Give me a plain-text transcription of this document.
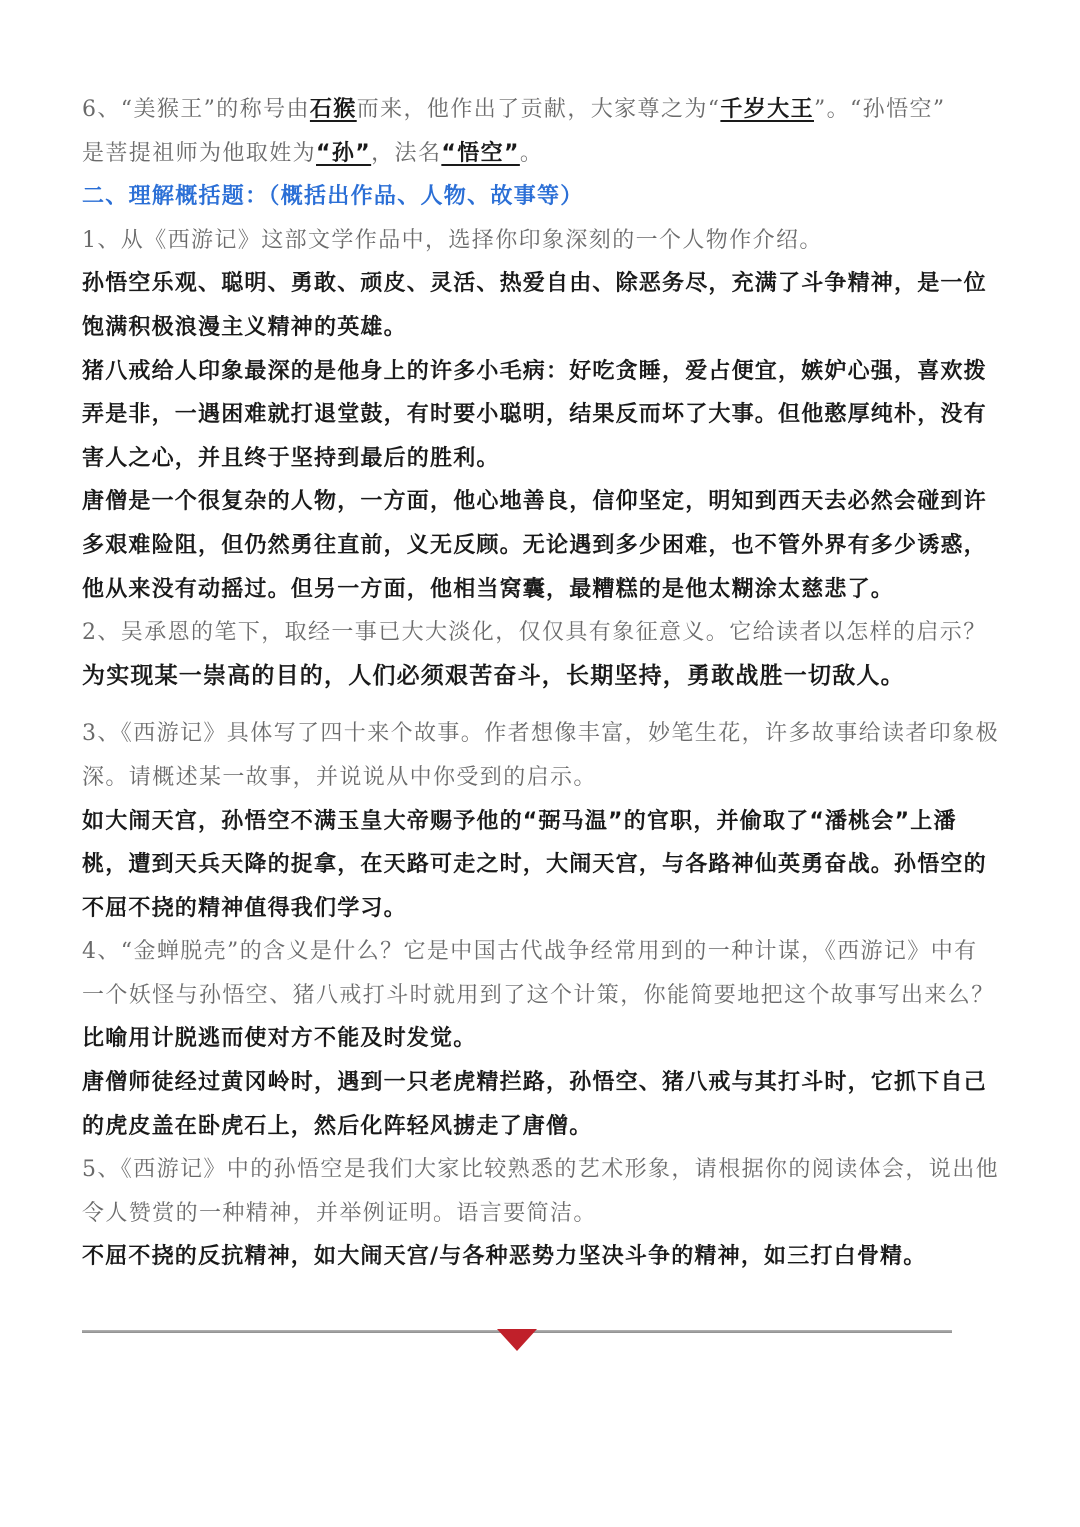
6、“美猴王”的称号由石猴而来，他作出了贡献，大家尊之为“千岁大王”。“孙悟空”
是菩提祖师为他取姓为“孙”，法名“悟空”。
二、理解概括题：（概括出作品、人物、故事等）
1、从《西游记》这部文学作品中，选择你印象深刻的一个人物作介绍。
孙悟空乐观、聪明、勇敢、顽皮、灵活、热爱自由、除恶务尽，充满了斗争精神，是一位
饱满积极浪漫主义精神的英雄。
猪八戒给人印象最深的是他身上的许多小毛病：好吃贪睡，爱占便宜，嫉妒心强，喜欢拨
弄是非，一遇困难就打退堂鼓，有时要小聪明，结果反而坏了大事。但他憨厚纯朴，没有
害人之心，并且终于坚持到最后的胜利。
唐僧是一个很复杂的人物，一方面，他心地善良，信仰坚定，明知到西天去必然会碰到许
多艰难险阻，但仍然勇往直前，义无反顾。无论遇到多少困难，也不管外界有多少诱惑，
他从来没有动摇过。但另一方面，他相当窝囊，最糟糕的是他太糊涂太慈悲了。
2、吴承恩的笔下，取经一事已大大淡化，仅仅具有象征意义。它给读者以怎样的启示？
为实现某一崇高的目的，人们必须艰苦奋斗，长期坚持，勇敢战胜一切敌人。
3、《西游记》具体写了四十来个故事。作者想像丰富，妙笔生花，许多故事给读者印象极
深。请概述某一故事，并说说从中你受到的启示。
如大闹天宫，孙悟空不满玉皇大帝赐予他的“弼马温”的官职，并偷取了“潘桃会”上潘
桃，遭到天兵天降的捉拿，在天路可走之时，大闹天宫，与各路神仙英勇奋战。孙悟空的
不屈不挠的精神值得我们学习。
4、“金蝉脱壳”的含义是什么？它是中国古代战争经常用到的一种计谋，《西游记》中有
一个妖怪与孙悟空、猪八戒打斗时就用到了这个计策，你能简要地把这个故事写出来么？
比喻用计脱逃而使对方不能及时发觉。
唐僧师徒经过黄冈岭时，遇到一只老虎精拦路，孙悟空、猪八戒与其打斗时，它抓下自己
的虎皮盖在卧虎石上，然后化阵轻风掳走了唐僧。
5、《西游记》中的孙悟空是我们大家比较熟悉的艺术形象，请根据你的阅读体会，说出他
令人赞赏的一种精神，并举例证明。语言要简洁。
不屈不挠的反抗精神，如大闹天宫/与各种恶势力坚决斗争的精神，如三打白骨精。
